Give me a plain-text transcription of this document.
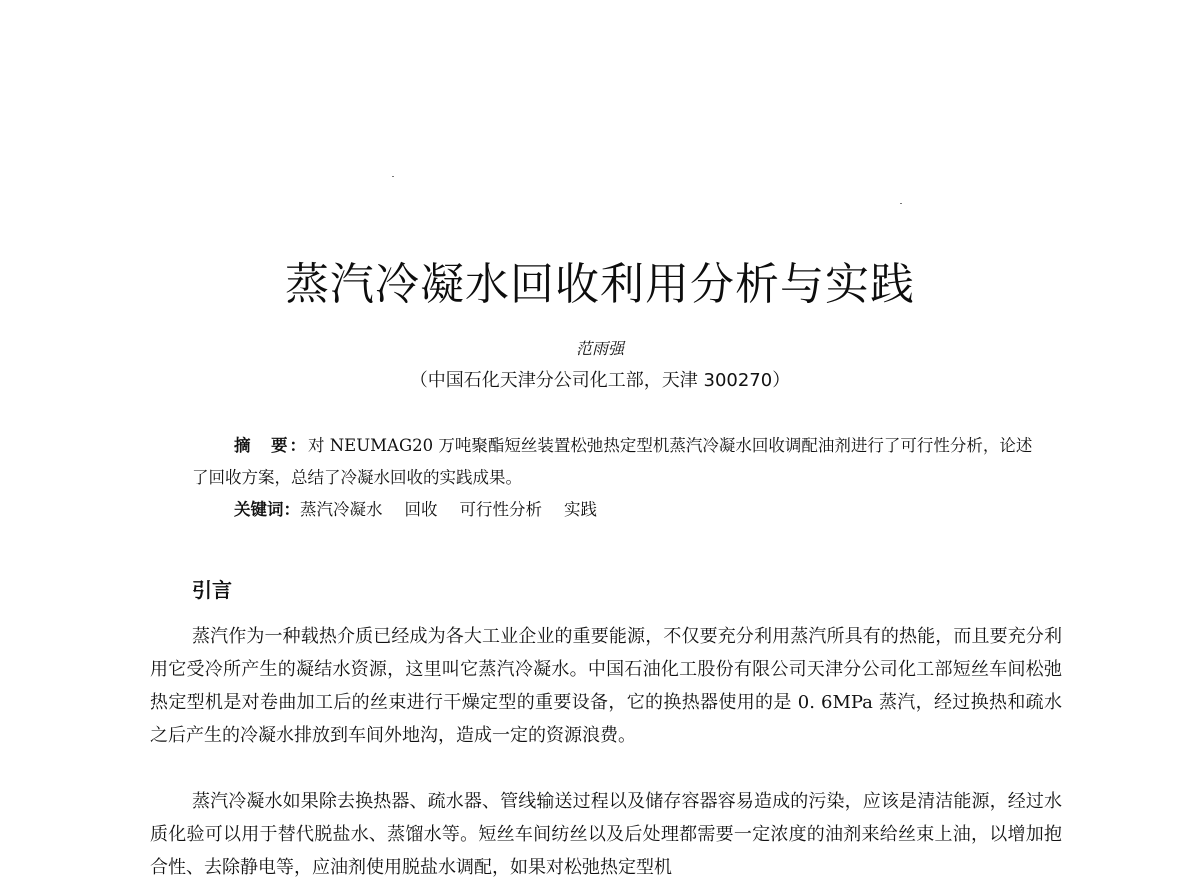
蒸汽冷凝水回收利用分析与实践
范雨强
（中国石化天津分公司化工部，天津 300270）

摘　要：对 NEUMAG20 万吨聚酯短丝装置松弛热定型机蒸汽冷凝水回收调配油剂进行了可行性分析，论述了回收方案，总结了冷凝水回收的实践成果。

关键词：蒸汽冷凝水 回收 可行性分析 实践

引言

蒸汽作为一种载热介质已经成为各大工业企业的重要能源，不仅要充分利用蒸汽所具有的热能，而且要充分利用它受冷所产生的凝结水资源，这里叫它蒸汽冷凝水。中国石油化工股份有限公司天津分公司化工部短丝车间松弛热定型机是对卷曲加工后的丝束进行干燥定型的重要设备，它的换热器使用的是 0. 6MPa 蒸汽，经过换热和疏水之后产生的冷凝水排放到车间外地沟，造成一定的资源浪费。

蒸汽冷凝水如果除去换热器、疏水器、管线输送过程以及储存容器容易造成的污染，应该是清洁能源，经过水质化验可以用于替代脱盐水、蒸馏水等。短丝车间纺丝以及后处理都需要一定浓度的油剂来给丝束上油，以增加抱合性、去除静电等，应油剂使用脱盐水调配，如果对松弛热定型机
